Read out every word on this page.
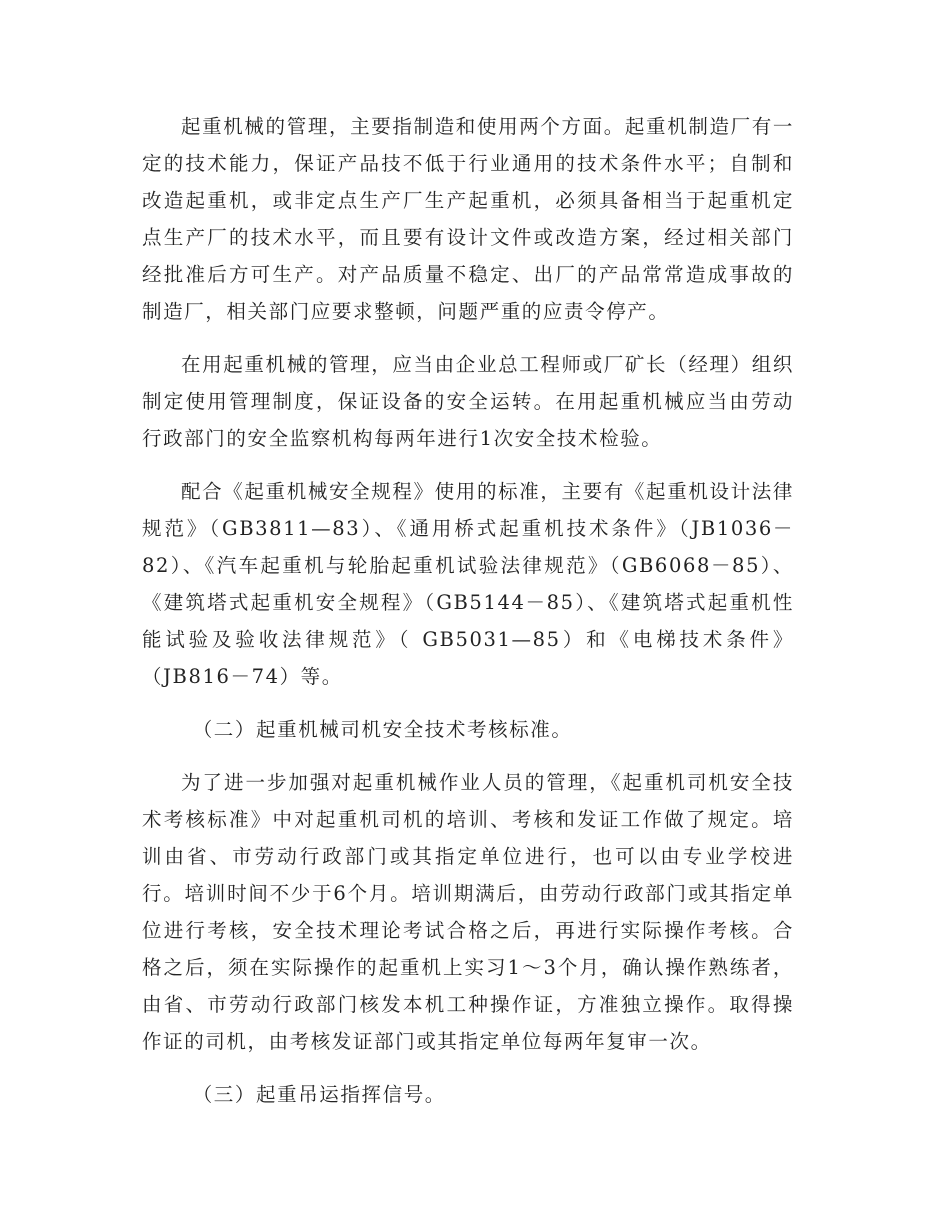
起重机械的管理，主要指制造和使用两个方面。起重机制造厂有一定的技术能力，保证产品技不低于行业通用的技术条件水平；自制和改造起重机，或非定点生产厂生产起重机，必须具备相当于起重机定点生产厂的技术水平，而且要有设计文件或改造方案，经过相关部门经批准后方可生产。对产品质量不稳定、出厂的产品常常造成事故的制造厂，相关部门应要求整顿，问题严重的应责令停产。

在用起重机械的管理，应当由企业总工程师或厂矿长（经理）组织制定使用管理制度，保证设备的安全运转。在用起重机械应当由劳动行政部门的安全监察机构每两年进行1次安全技术检验。

配合《起重机械安全规程》使用的标准，主要有《起重机设计法律规范》（GB3811—83）、《通用桥式起重机技术条件》（JB1036－82）、《汽车起重机与轮胎起重机试验法律规范》（GB6068－85）、《建筑塔式起重机安全规程》（GB5144－85）、《建筑塔式起重机性能试验及验收法律规范》（ GB5031—85）和《电梯技术条件》（JB816－74）等。

（二）起重机械司机安全技术考核标准。

为了进一步加强对起重机械作业人员的管理，《起重机司机安全技术考核标准》中对起重机司机的培训、考核和发证工作做了规定。培训由省、市劳动行政部门或其指定单位进行，也可以由专业学校进行。培训时间不少于6个月。培训期满后，由劳动行政部门或其指定单位进行考核，安全技术理论考试合格之后，再进行实际操作考核。合格之后，须在实际操作的起重机上实习1～3个月，确认操作熟练者，由省、市劳动行政部门核发本机工种操作证，方准独立操作。取得操作证的司机，由考核发证部门或其指定单位每两年复审一次。

（三）起重吊运指挥信号。
